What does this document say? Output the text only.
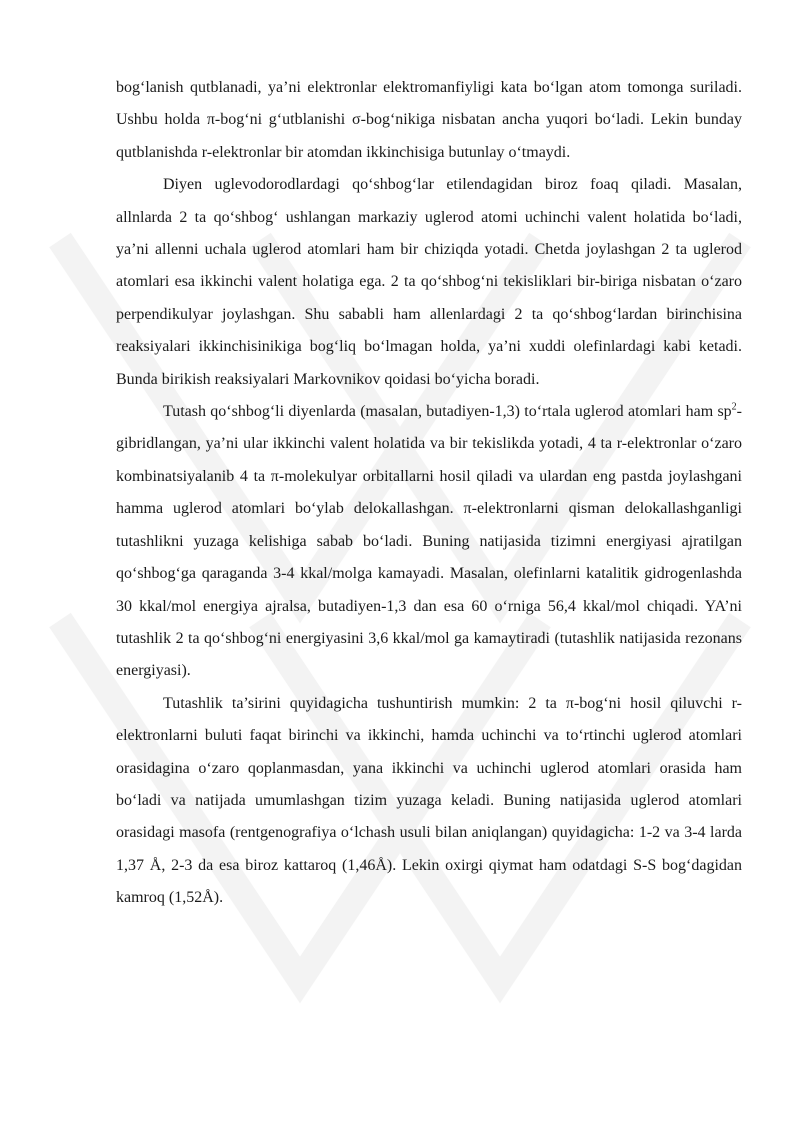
bog‘lanish qutblanadi, ya’ni elektronlar elektromanfiyligi kata bo‘lgan atom tomonga suriladi. Ushbu holda π-bog‘ni g‘utblanishi σ-bog‘nikiga nisbatan ancha yuqori bo‘ladi. Lekin bunday qutblanishda r-elektronlar bir atomdan ikkinchisiga butunlay o‘tmaydi.

Diyen uglevodorodlardagi qo‘shbog‘lar etilendagidan biroz foaq qiladi. Masalan, allnlarda 2 ta qo‘shbog‘ ushlangan markaziy uglerod atomi uchinchi valent holatida bo‘ladi, ya’ni allenni uchala uglerod atomlari ham bir chiziqda yotadi. Chetda joylashgan 2 ta uglerod atomlari esa ikkinchi valent holatiga ega. 2 ta qo‘shbog‘ni tekisliklari bir-biriga nisbatan o‘zaro perpendikulyar joylashgan. Shu sababli ham allenlardagi 2 ta qo‘shbog‘lardan birinchisina reaksiyalari ikkinchisinikiga bog‘liq bo‘lmagan holda, ya’ni xuddi olefinlardagi kabi ketadi. Bunda birikish reaksiyalari Markovnikov qoidasi bo‘yicha boradi.

Tutash qo‘shbog‘li diyenlarda (masalan, butadiyen-1,3) to‘rtala uglerod atomlari ham $sp^2$-gibridlangan, ya’ni ular ikkinchi valent holatida va bir tekislikda yotadi, 4 ta r-elektronlar o‘zaro kombinatsiyalanib 4 ta π-molekulyar orbitallarni hosil qiladi va ulardan eng pastda joylashgani hamma uglerod atomlari bo‘ylab delokallashgan. π-elektronlarni qisman delokallashganligi tutashlikni yuzaga kelishiga sabab bo‘ladi. Buning natijasida tizimni energiyasi ajratilgan qo‘shbog‘ga qaraganda 3-4 kkal/molga kamayadi. Masalan, olefinlarni katalitik gidrogenlashda 30 kkal/mol energiya ajralsa, butadiyen-1,3 dan esa 60 o‘rniga 56,4 kkal/mol chiqadi. YA’ni tutashlik 2 ta qo‘shbog‘ni energiyasini 3,6 kkal/mol ga kamaytiradi (tutashlik natijasida rezonans energiyasi).

Tutashlik ta’sirini quyidagicha tushuntirish mumkin: 2 ta π-bog‘ni hosil qiluvchi r-elektronlarni buluti faqat birinchi va ikkinchi, hamda uchinchi va to‘rtinchi uglerod atomlari orasidagina o‘zaro qoplanmasdan, yana ikkinchi va uchinchi uglerod atomlari orasida ham bo‘ladi va natijada umumlashgan tizim yuzaga keladi. Buning natijasida uglerod atomlari orasidagi masofa (rentgenografiya o‘lchash usuli bilan aniqlangan) quyidagicha: 1-2 va 3-4 larda 1,37 Å, 2-3 da esa biroz kattaroq (1,46Å). Lekin oxirgi qiymat ham odatdagi S-S bog‘dagidan kamroq (1,52Å).
